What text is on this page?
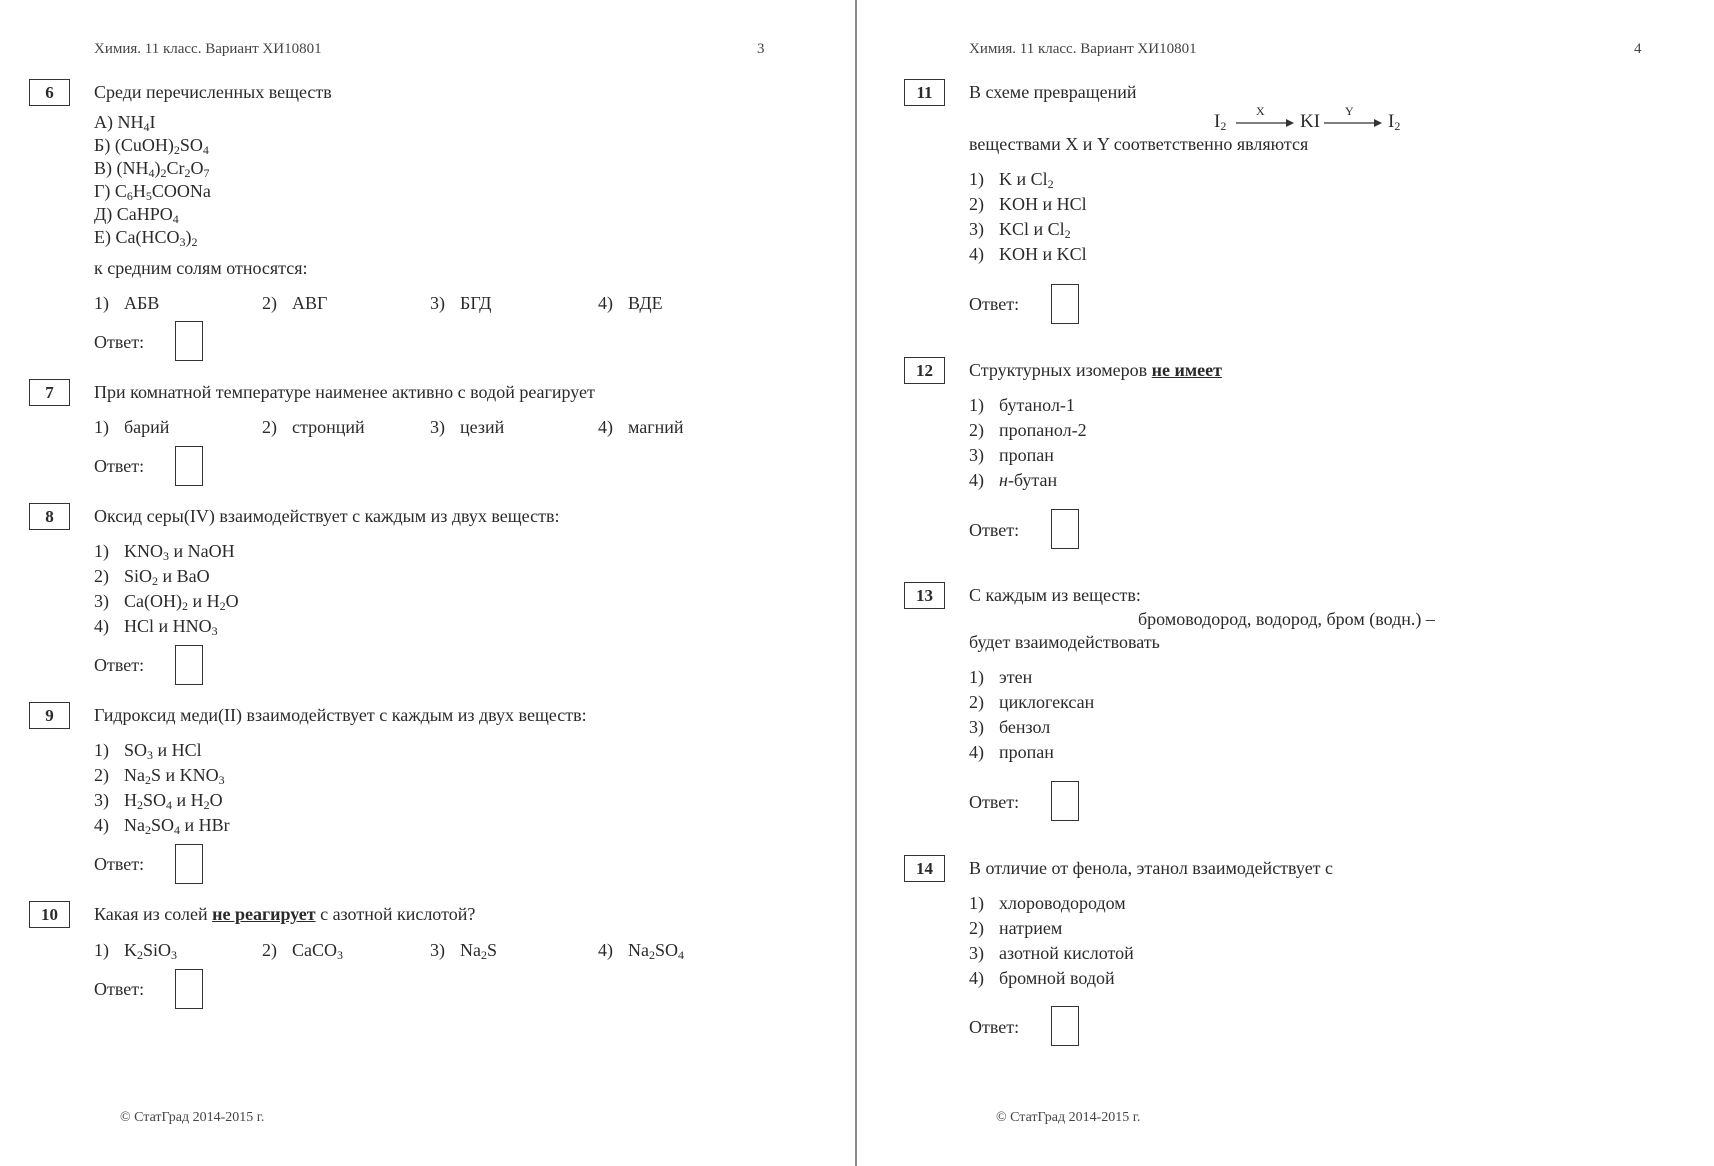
Химия. 11 класс. Вариант ХИ10801	3
6	Среди перечисленных веществ
А) $NH_4I$
Б) $(CuOH)_2SO_4$
В) $(NH_4)_2Cr_2O_7$
Г) $C_6H_5COONa$
Д) CaHPO$_4$
Е) $Ca(HCO_3)_2$
к средним солям относятся:
1) АБВ	2) АВГ	3) БГД	4) ВДЕ
Ответ:
7	При комнатной температуре наименее активно с водой реагирует
1) барий	2) стронций	3) цезий	4) магний
Ответ:
8	Оксид серы(IV) взаимодействует с каждым из двух веществ:
1) $KNO_3$ и NaOH
2) SiO$_2$ и BaO
3) $Ca(OH)_2$ и $H_2O$
4) HCl и $HNO_3$
Ответ:
9	Гидроксид меди(II) взаимодействует с каждым из двух веществ:
1) $SO_3$ и HCl
2) $Na_2S$ и $KNO_3$
3) $H_2SO_4$ и $H_2O$
4) $Na_2SO_4$ и HBr
Ответ:
10	Какая из солей не реагирует с азотной кислотой?
1) $K_2SiO_3$	2) CaCO$_3$	3) $Na_2S$	4) $Na_2SO_4$
Ответ:
© СтатГрад 2014-2015 г.
Химия. 11 класс. Вариант ХИ10801	4
11	В схеме превращений
$I_2$
X KI Y $I_2$
веществами X и Y соответственно являются
1) K и $Cl_2$
2) KOH и HCl
3) KCl и $Cl_2$
4) KOH и KCl
Ответ:
12	Структурных изомеров не имеет
1) бутанол-1
2) пропанол-2
3) пропан
4) н-бутан
Ответ:
13	С каждым из веществ:
бромоводород, водород, бром (водн.) –
будет взаимодействовать
1) этен
2) циклогексан
3) бензол
4) пропан
Ответ:
14	В отличие от фенола, этанол взаимодействует с
1) хлороводородом
2) натрием
3) азотной кислотой
4) бромной водой
Ответ:
© СтатГрад 2014-2015 г.
